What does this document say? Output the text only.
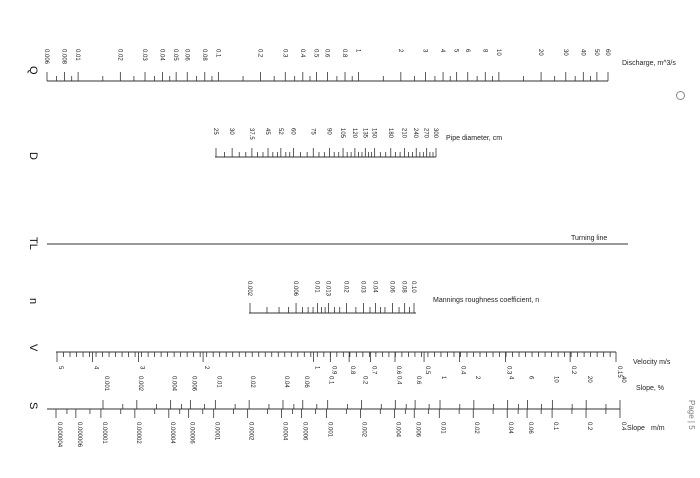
Q
D
TL
n
V
S
Discharge, m^3/s
Pipe diameter, cm
Turning line
Mannings roughness coefficient, n
Velocity m/s
Slope, %
Slope m/m
0.006 0.008 0.01	0.02	0.03 0.04 0.05 0.06 0.08 0.1	0.2	0.3 0.4 0.5 0.6 0.8 1	2	3 4 5 6 8 10	20	30 40 50 60
25 30 37.5 45 52 60 75 90 105 120 135 150 180 210 240 270 300
0.002	0.006	0.01 0.013 0.02 0.03 0.04 0.06 0.08 0.10
5	4	3	2	1 0.9 0.8	0.7	0.6	0.5	0.4	0.3	0.2	0.15
0.001	0.002	0.004 0.006	0.01	0.02	0.04 0.06	0.1	0.2	0.4 0.6	1	2	4 6	10	20	40
0.000004 0.000006	0.00001	0.00002	0.00004 0.00006	0.0001	0.0002	0.0004 0.0006	0.001	0.002	0.004 0.006	0.01	0.02	0.04 0.06	0.1	0.2	0.4	Page | 5
